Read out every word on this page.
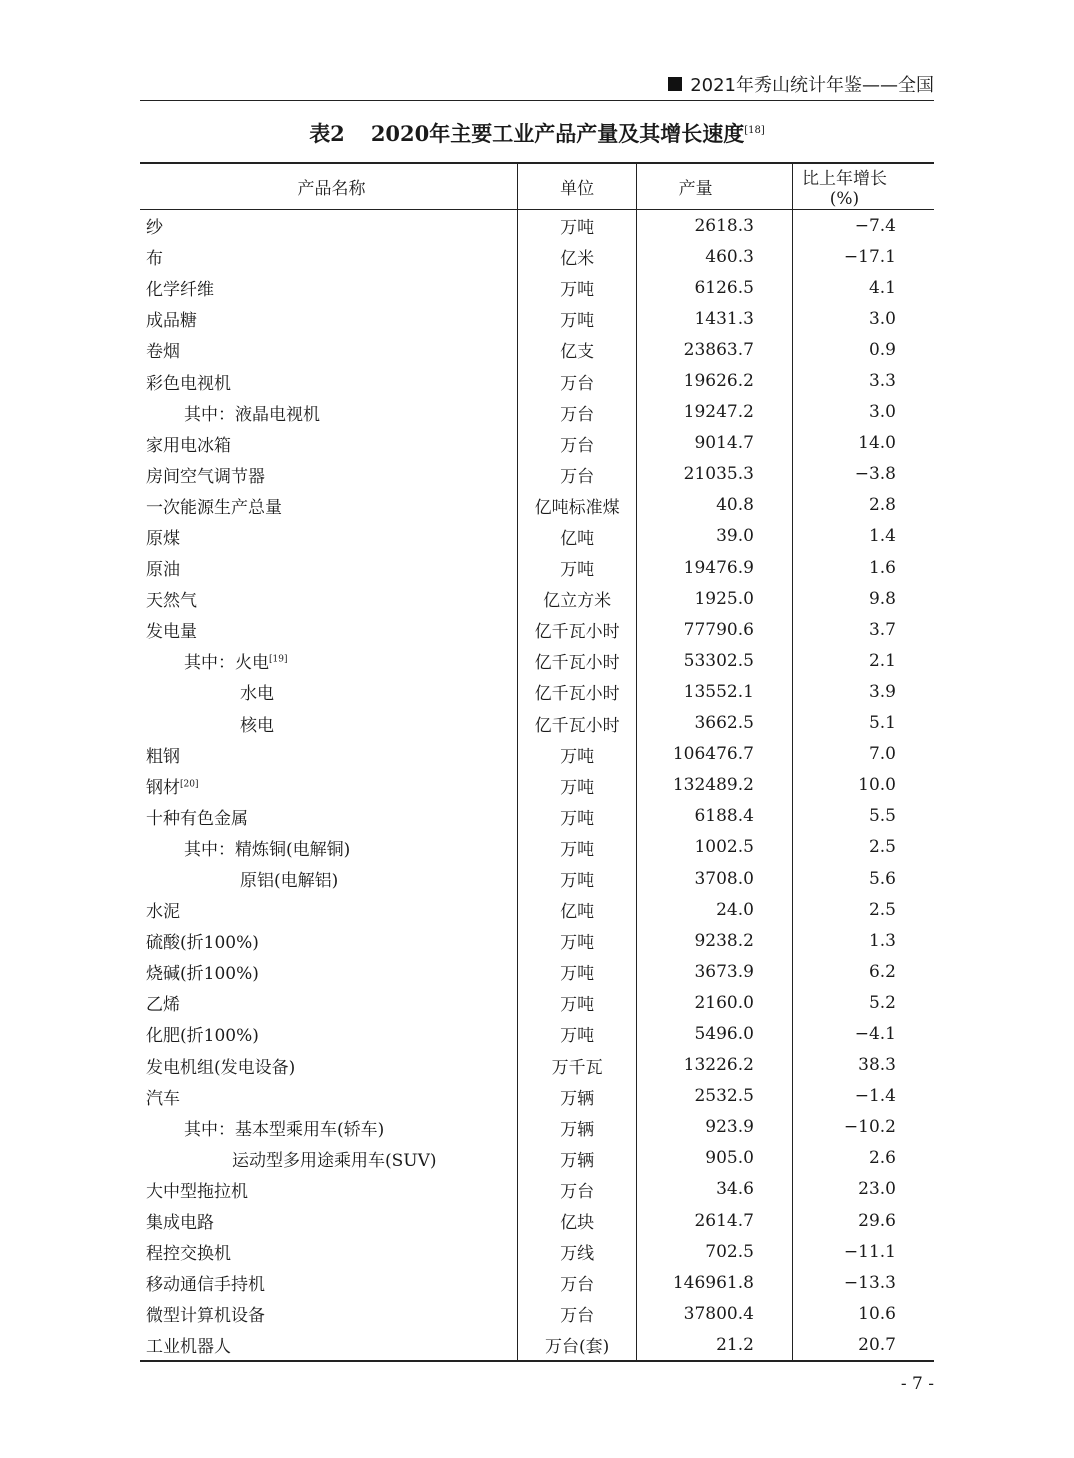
2021年秀山统计年鉴——全国
表2 2020年主要工业产品产量及其增长速度[18]
产品名称	单位	产量	比上年增长(%)
纱	万吨	2618.3	−7.4
布	亿米	460.3	−17.1
化学纤维	万吨	6126.5	4.1
成品糖	万吨	1431.3	3.0
卷烟	亿支	23863.7	0.9
彩色电视机	万台	19626.2	3.3
其中：液晶电视机	万台	19247.2	3.0
家用电冰箱	万台	9014.7	14.0
房间空气调节器	万台	21035.3	−3.8
一次能源生产总量	亿吨标准煤	40.8	2.8
原煤	亿吨	39.0	1.4
原油	万吨	19476.9	1.6
天然气	亿立方米	1925.0	9.8
发电量	亿千瓦小时	77790.6	3.7
其中：火电[19]	亿千瓦小时	53302.5	2.1
水电	亿千瓦小时	13552.1	3.9
核电	亿千瓦小时	3662.5	5.1
粗钢	万吨	106476.7	7.0
钢材[20]	万吨	132489.2	10.0
十种有色金属	万吨	6188.4	5.5
其中：精炼铜(电解铜)	万吨	1002.5	2.5
原铝(电解铝)	万吨	3708.0	5.6
水泥	亿吨	24.0	2.5
硫酸(折100%)	万吨	9238.2	1.3
烧碱(折100%)	万吨	3673.9	6.2
乙烯	万吨	2160.0	5.2
化肥(折100%)	万吨	5496.0	−4.1
发电机组(发电设备)	万千瓦	13226.2	38.3
汽车	万辆	2532.5	−1.4
其中：基本型乘用车(轿车)	万辆	923.9	−10.2
运动型多用途乘用车(SUV)	万辆	905.0	2.6
大中型拖拉机	万台	34.6	23.0
集成电路	亿块	2614.7	29.6
程控交换机	万线	702.5	−11.1
移动通信手持机	万台	146961.8	−13.3
微型计算机设备	万台	37800.4	10.6
工业机器人	万台(套)	21.2	20.7
- 7 -
